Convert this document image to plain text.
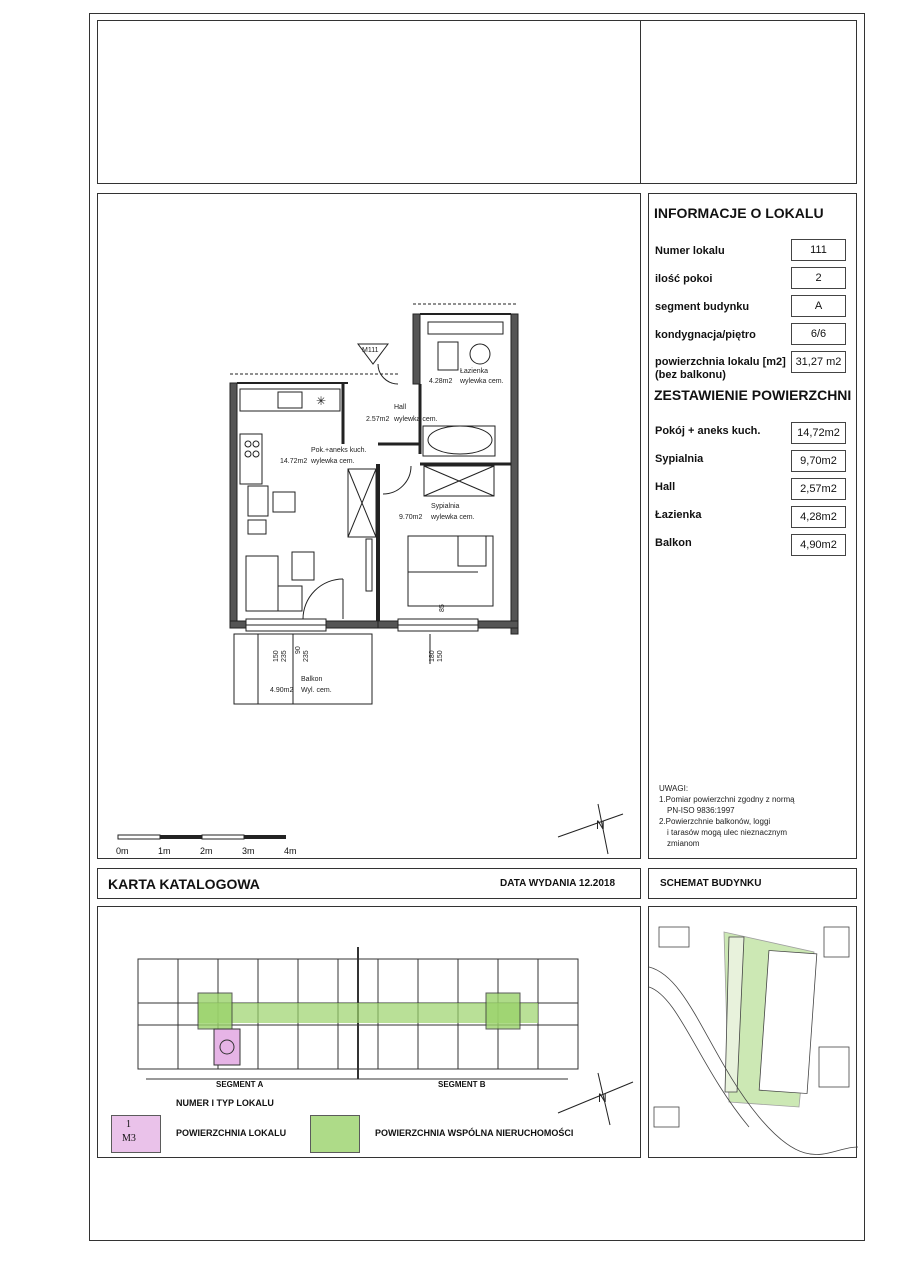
✳
M111
Łazienka
4.28m2 wylewka cem.
Hall
2.57m2 wylewka cem.
Pok.+aneks kuch.
14.72m2 wylewka cem.
Sypialnia
9.70m2 wylewka cem.
Balkon
4.90m2 Wyl. cem.
150 235
90
235	180 150
85
N
0m	1m	2m	3m	4m
INFORMACJE O LOKALU
Numer lokalu	111
ilość pokoi	2
segment budynku	A
kondygnacja/piętro	6/6
powierzchnia lokalu [m2]
(bez balkonu)
31,27 m2
ZESTAWIENIE POWIERZCHNI
Pokój + aneks kuch.	14,72m2
Sypialnia	9,70m2
Hall	2,57m2
Łazienka	4,28m2
Balkon	4,90m2
UWAGI:
1.Pomiar powierzchni zgodny z normą
PN-ISO 9836:1997
2.Powierzchnie balkonów, loggi
i tarasów mogą ulec nieznacznym
zmianom
KARTA KATALOGOWA	DATA WYDANIA 12.2018	SCHEMAT BUDYNKU
N
SEGMENT A	SEGMENT B
1
M3
NUMER I TYP LOKALU
POWIERZCHNIA LOKALU	POWIERZCHNIA WSPÓLNA NIERUCHOMOŚCI
